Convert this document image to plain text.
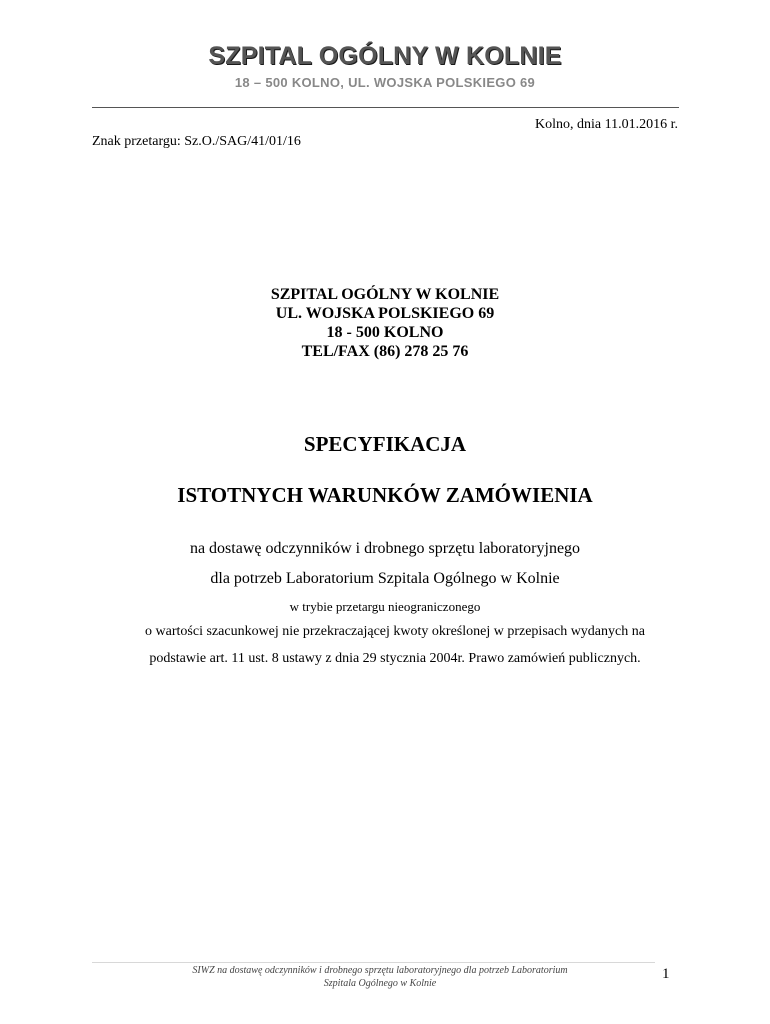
SZPITAL OGÓLNY W KOLNIE
18 – 500 KOLNO, UL. WOJSKA POLSKIEGO 69
Kolno, dnia 11.01.2016 r.
Znak przetargu: Sz.O./SAG/41/01/16
SZPITAL OGÓLNY W KOLNIE
UL. WOJSKA POLSKIEGO 69
18 - 500 KOLNO
TEL/FAX (86) 278 25 76
SPECYFIKACJA
ISTOTNYCH WARUNKÓW ZAMÓWIENIA
na dostawę odczynników i drobnego sprzętu laboratoryjnego
dla potrzeb Laboratorium Szpitala Ogólnego w Kolnie
w trybie przetargu nieograniczonego
o wartości szacunkowej nie przekraczającej kwoty określonej w przepisach wydanych na
podstawie art. 11 ust. 8 ustawy z dnia 29 stycznia 2004r. Prawo zamówień publicznych.
SIWZ na dostawę odczynników i drobnego sprzętu laboratoryjnego dla potrzeb Laboratorium
Szpitala Ogólnego w Kolnie
1
